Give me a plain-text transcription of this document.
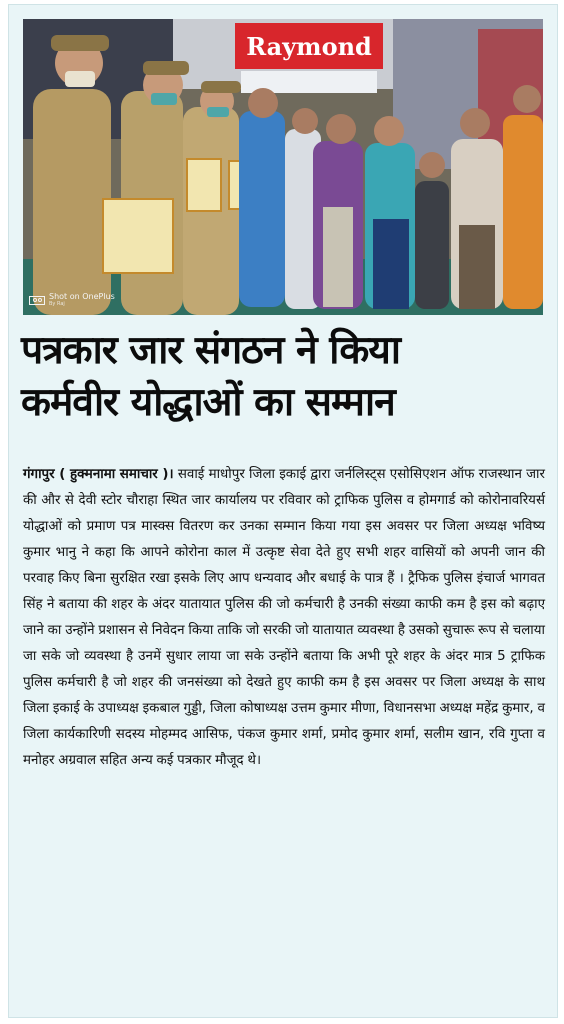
Raymond
Shot on OnePlus
By Raj
पत्रकार जार संगठन ने किया
कर्मवीर योद्धाओं का सम्मान
गंगापुर ( हुक्मनामा समाचार )। सवाई माधोपुर जिला इकाई द्वारा जर्नलिस्ट्स एसोसिएशन ऑफ राजस्थान जार की और से देवी स्टोर चौराहा स्थित जार कार्यालय पर रविवार को ट्राफिक पुलिस व होमगार्ड को कोरोनावरियर्स योद्धाओं को प्रमाण पत्र मास्क्स वितरण कर उनका सम्मान किया गया इस अवसर पर जिला अध्यक्ष भविष्य कुमार भानु ने कहा कि आपने कोरोना काल में उत्कृष्ट सेवा देते हुए सभी शहर वासियों को अपनी जान की परवाह किए बिना सुरक्षित रखा इसके लिए आप धन्यवाद और बधाई के पात्र हैं । ट्रैफिक पुलिस इंचार्ज भागवत सिंह ने बताया की शहर के अंदर यातायात पुलिस की जो कर्मचारी है उनकी संख्या काफी कम है इस को बढ़ाए जाने का उन्होंने प्रशासन से निवेदन किया ताकि जो सरकी जो यातायात व्यवस्था है उसको सुचारू रूप से चलाया जा सके जो व्यवस्था है उनमें सुधार लाया जा सके उन्होंने बताया कि अभी पूरे शहर के अंदर मात्र 5 ट्राफिक पुलिस कर्मचारी है जो शहर की जनसंख्या को देखते हुए काफी कम है इस अवसर पर जिला अध्यक्ष के साथ जिला इकाई के उपाध्यक्ष इकबाल गुड्डी, जिला कोषाध्यक्ष उत्तम कुमार मीणा, विधानसभा अध्यक्ष महेंद्र कुमार, व जिला कार्यकारिणी सदस्य मोहम्मद आसिफ, पंकज कुमार शर्मा, प्रमोद कुमार शर्मा, सलीम खान, रवि गुप्ता व मनोहर अग्रवाल सहित अन्य कई पत्रकार मौजूद थे।
